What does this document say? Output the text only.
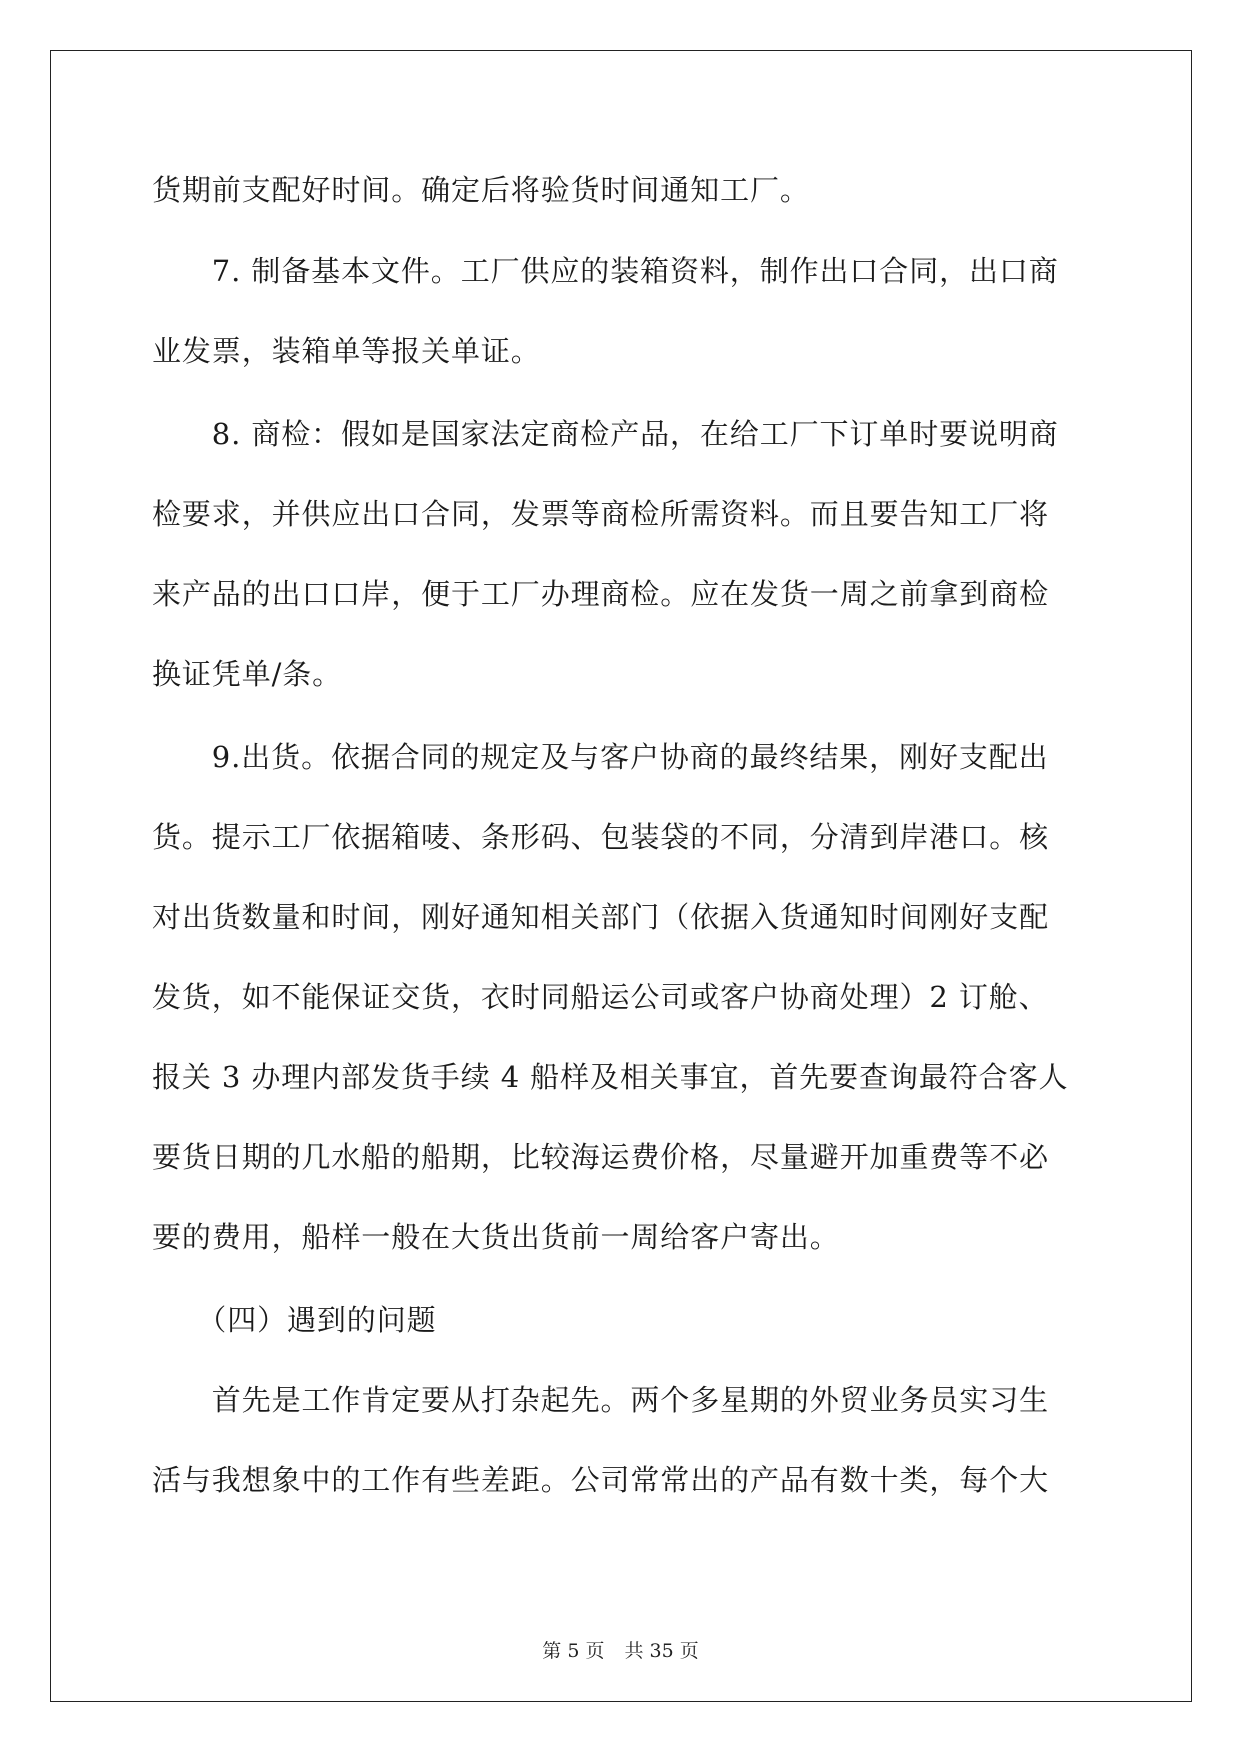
货期前支配好时间。确定后将验货时间通知工厂。
　　7. 制备基本文件。工厂供应的装箱资料，制作出口合同，出口商
业发票，装箱单等报关单证。
　　8. 商检：假如是国家法定商检产品，在给工厂下订单时要说明商
检要求，并供应出口合同，发票等商检所需资料。而且要告知工厂将
来产品的出口口岸，便于工厂办理商检。应在发货一周之前拿到商检
换证凭单/条。
　　9.出货。依据合同的规定及与客户协商的最终结果，刚好支配出
货。提示工厂依据箱唛、条形码、包装袋的不同，分清到岸港口。核
对出货数量和时间，刚好通知相关部门（依据入货通知时间刚好支配
发货，如不能保证交货，衣时同船运公司或客户协商处理）2 订舱、
报关 3 办理内部发货手续 4 船样及相关事宜，首先要查询最符合客人
要货日期的几水船的船期，比较海运费价格，尽量避开加重费等不必
要的费用，船样一般在大货出货前一周给客户寄出。
　　（四）遇到的问题
　　首先是工作肯定要从打杂起先。两个多星期的外贸业务员实习生
活与我想象中的工作有些差距。公司常常出的产品有数十类，每个大
第 5 页 共 35 页
